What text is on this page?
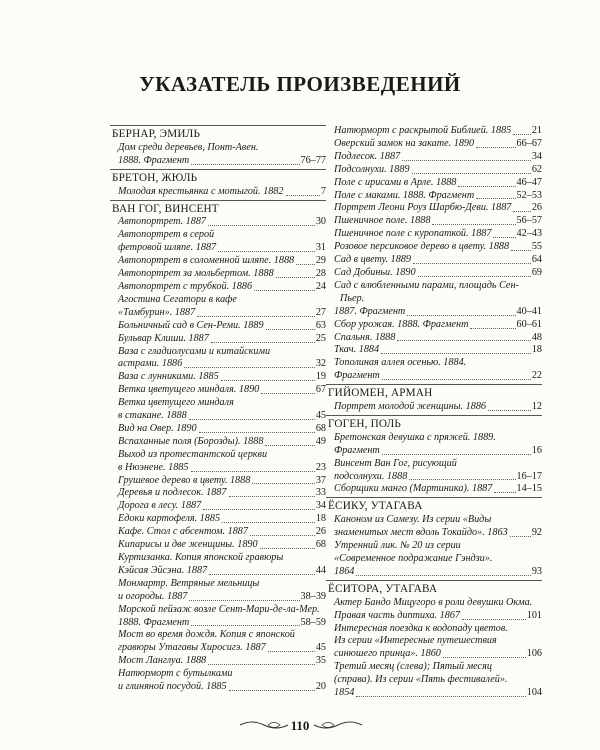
УКАЗАТЕЛЬ ПРОИЗВЕДЕНИЙ
БЕРНАР, ЭМИЛЬ
Дом среди деревьев, Понт-Авен.
1888. Фрагмент	76–77
БРЕТОН, ЖЮЛЬ
Молодая крестьянка с мотыгой. 1882	7
ВАН ГОГ, ВИНСЕНТ
Автопортрет. 1887	30
Автопортрет в серой
фетровой шляпе. 1887	31
Автопортрет в соломенной шляпе. 1888 29
Автопортрет за мольбертом. 1888	28
Автопортрет с трубкой. 1886	24
Агостина Сегатори в кафе
«Тамбурин». 1887	27
Больничный сад в Сен-Реми. 1889	63
Бульвар Клиши. 1887	25
Ваза с гладиолусами и китайскими
астрами. 1886	32
Ваза с лунниками. 1885	19
Ветка цветущего миндаля. 1890	67
Ветка цветущего миндаля
в стакане. 1888	45
Вид на Овер. 1890	68
Вспаханные поля (Борозды). 1888	49
Выход из протестантской церкви
в Нюэнене. 1885	23
Грушевое дерево в цвету. 1888	37
Деревья и подлесок. 1887	33
Дорога в лесу. 1887	34
Едоки картофеля. 1885	18
Кафе. Стол с абсентом. 1887	26
Кипарисы и две женщины. 1890	68
Куртизанка. Копия японской гравюры
Кэйсая Эйсэна. 1887	44
Монмартр. Ветряные мельницы
и огороды. 1887	38–39
Морской пейзаж возле Сент-Мари-де-ла-Мер.
1888. Фрагмент	58–59
Мост во время дождя. Копия с японской
гравюры Утагавы Хиросигэ. 1887	45
Мост Ланглуа. 1888	35
Натюрморт с бутылками
и глиняной посудой. 1885	20
Натюрморт с раскрытой Библией. 1885 21
Оверский замок на закате. 1890	66–67
Подлесок. 1887	34
Подсолнухи. 1889	62
Поле с ирисами в Арле. 1888	46–47
Поле с маками. 1888. Фрагмент	52–53
Портрет Леони Роуз Шарбю-Деви. 1887 26
Пшеничное поле. 1888	56–57
Пшеничное поле с куропаткой. 1887 42–43
Розовое персиковое дерево в цвету. 1888 55
Сад в цвету. 1889	64
Сад Добиньи. 1890	69
Сад с влюбленными парами, площадь Сен-Пьер.
1887. Фрагмент	40–41
Сбор урожая. 1888. Фрагмент	60–61
Спальня. 1888	48
Ткач. 1884	18
Тополиная аллея осенью. 1884.
Фрагмент	22
ГИЙОМЕН, АРМАН
Портрет молодой женщины. 1886	12
ГОГЕН, ПОЛЬ
Бретонская девушка с пряжей. 1889.
Фрагмент	16
Винсент Ван Гог, рисующий
подсолнухи. 1888	16–17
Сборщики манго (Мартиника). 1887 14–15
ЁСИКУ, УТАГАВА
Каноном из Самезу. Из серии «Виды
знаменитых мест вдоль Токайдо». 1863 92
Утренний лик. № 20 из серии
«Современное подражание Гэндзи».
1864	93
ЁСИТОРА, УТАГАВА
Актер Бандо Мицугоро в роли девушки Окмa.
Правая часть диптиха. 1867	101
Интересная поездка к водопаду цветов.
Из серии «Интересные путешествия
синюшего принца». 1860	106
Третий месяц (слева); Пятый месяц
(справа). Из серии «Пять фестивалей».
1854	104
110
